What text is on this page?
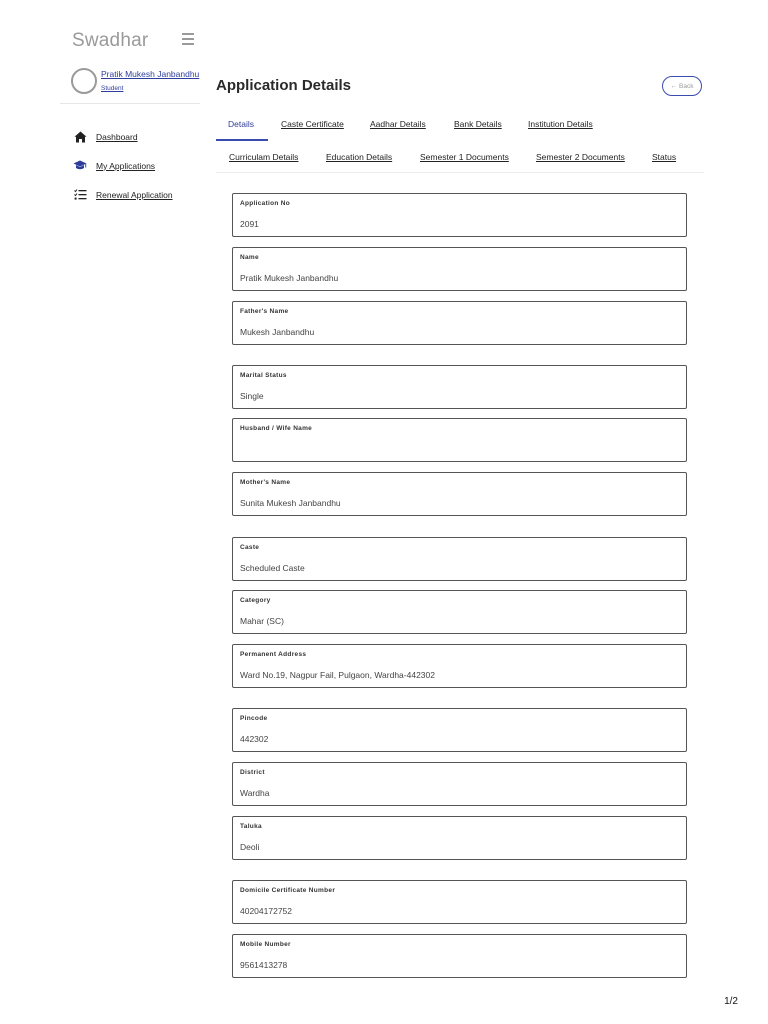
Swadhar
Pratik Mukesh Janbandhu
Student
Dashboard
My Applications
Renewal Application
Application Details	← Back
Details	Caste Certificate	Aadhar Details	Bank Details	Institution Details
Curriculam Details	Education Details	Semester 1 Documents	Semester 2 Documents	Status
Application No
2091
Name
Pratik Mukesh Janbandhu
Father's Name
Mukesh Janbandhu
Marital Status
Single
Husband / Wife Name
Mother's Name
Sunita Mukesh Janbandhu
Caste
Scheduled Caste
Category
Mahar (SC)
Permanent Address
Ward No.19, Nagpur Fail, Pulgaon, Wardha-442302
Pincode
442302
District
Wardha
Taluka
Deoli
Domicile Certificate Number
40204172752
Mobile Number
9561413278
1/2
